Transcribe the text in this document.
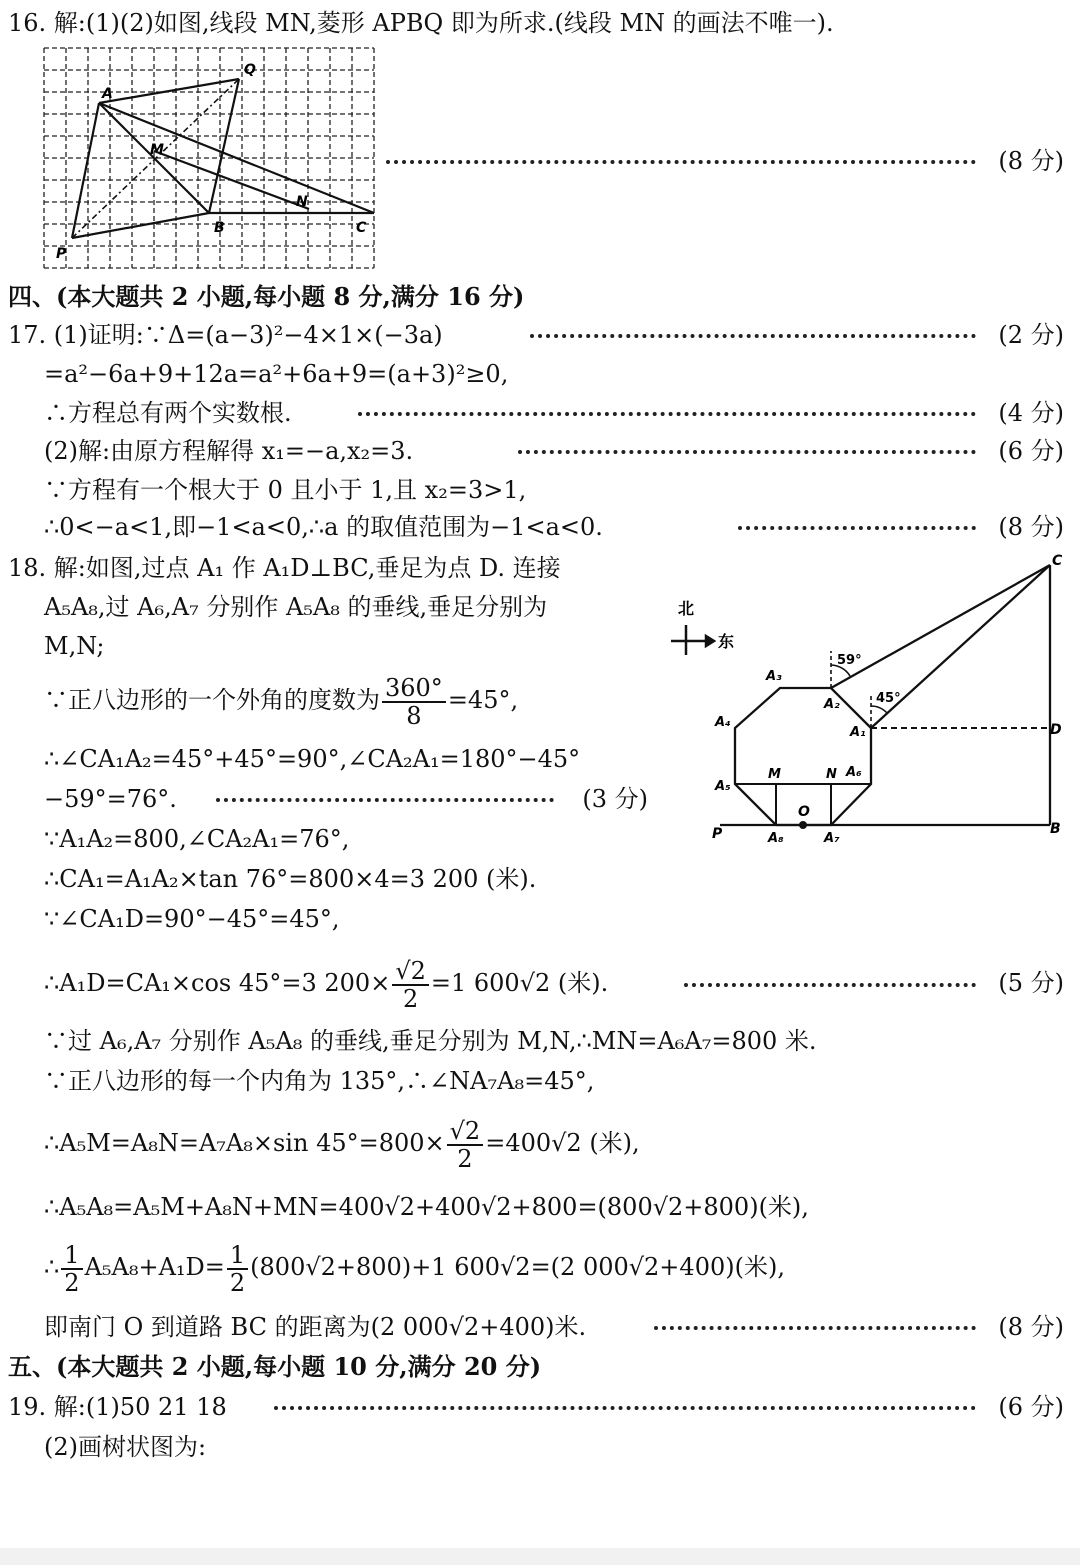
16. 解:(1)(2)如图,线段 MN,菱形 APBQ 即为所求.(线段 MN 的画法不唯一).
A
Q
M
N
B	C
P
(8 分)
四、(本大题共 2 小题,每小题 8 分,满分 16 分)
17. (1)证明:∵Δ=(a−3)²−4×1×(−3a)	(2 分)
=a²−6a+9+12a=a²+6a+9=(a+3)²≥0,
∴方程总有两个实数根.	(4 分)
(2)解:由原方程解得 x₁=−a,x₂=3.	(6 分)
∵方程有一个根大于 0 且小于 1,且 x₂=3>1,
∴0<−a<1,即−1<a<0,∴a 的取值范围为−1<a<0.	(8 分)
18. 解:如图,过点 A₁ 作 A₁D⊥BC,垂足为点 D. 连接
A₅A₈,过 A₆,A₇ 分别作 A₅A₈ 的垂线,垂足分别为
M,N;
∵正八边形的一个外角的度数为 $\frac{360^\circ}{8} =45^\circ$,
∴∠CA₁A₂=45°+45°=90°,∠CA₂A₁=180°−45°
−59°=76°.	(3 分)
∵A₁A₂=800,∠CA₂A₁=76°,
∴CA₁=A₁A₂×tan 76°=800×4=3 200 (米).
∵∠CA₁D=90°−45°=45°,
北
东
59°
45°
C
D
B
P
O
M	N
A₁
A₂
A₃
A₄
A₅
A₆
A₇
A₈
∴A₁D=CA₁×cos 45°=3 $200\times \frac{√2}{2} =1$ 600√2 (米).	(5 分)
∵过 A₆,A₇ 分别作 A₅A₈ 的垂线,垂足分别为 M,N,∴MN=A₆A₇=800 米.
∵正八边形的每一个内角为 135°,∴∠NA₇A₈=45°,
∴A₅M=A₈N=A₇A₈×sin $45^\circ=800\times \frac{√2}{2} =400√2$ (米),
∴A₅A₈=A₅M+A₈N+MN=400√2+400√2+800=(800√2+800)(米),
∴ $\frac{1}{2} A_5A_8+A_1D= \frac{1}{2} (800√2+800)+1$ 600√2=(2 000√2+400)(米),
即南门 O 到道路 BC 的距离为(2 000√2+400)米.	(8 分)
五、(本大题共 2 小题,每小题 10 分,满分 20 分)
19. 解:(1)50 21 18	(6 分)
(2)画树状图为:
